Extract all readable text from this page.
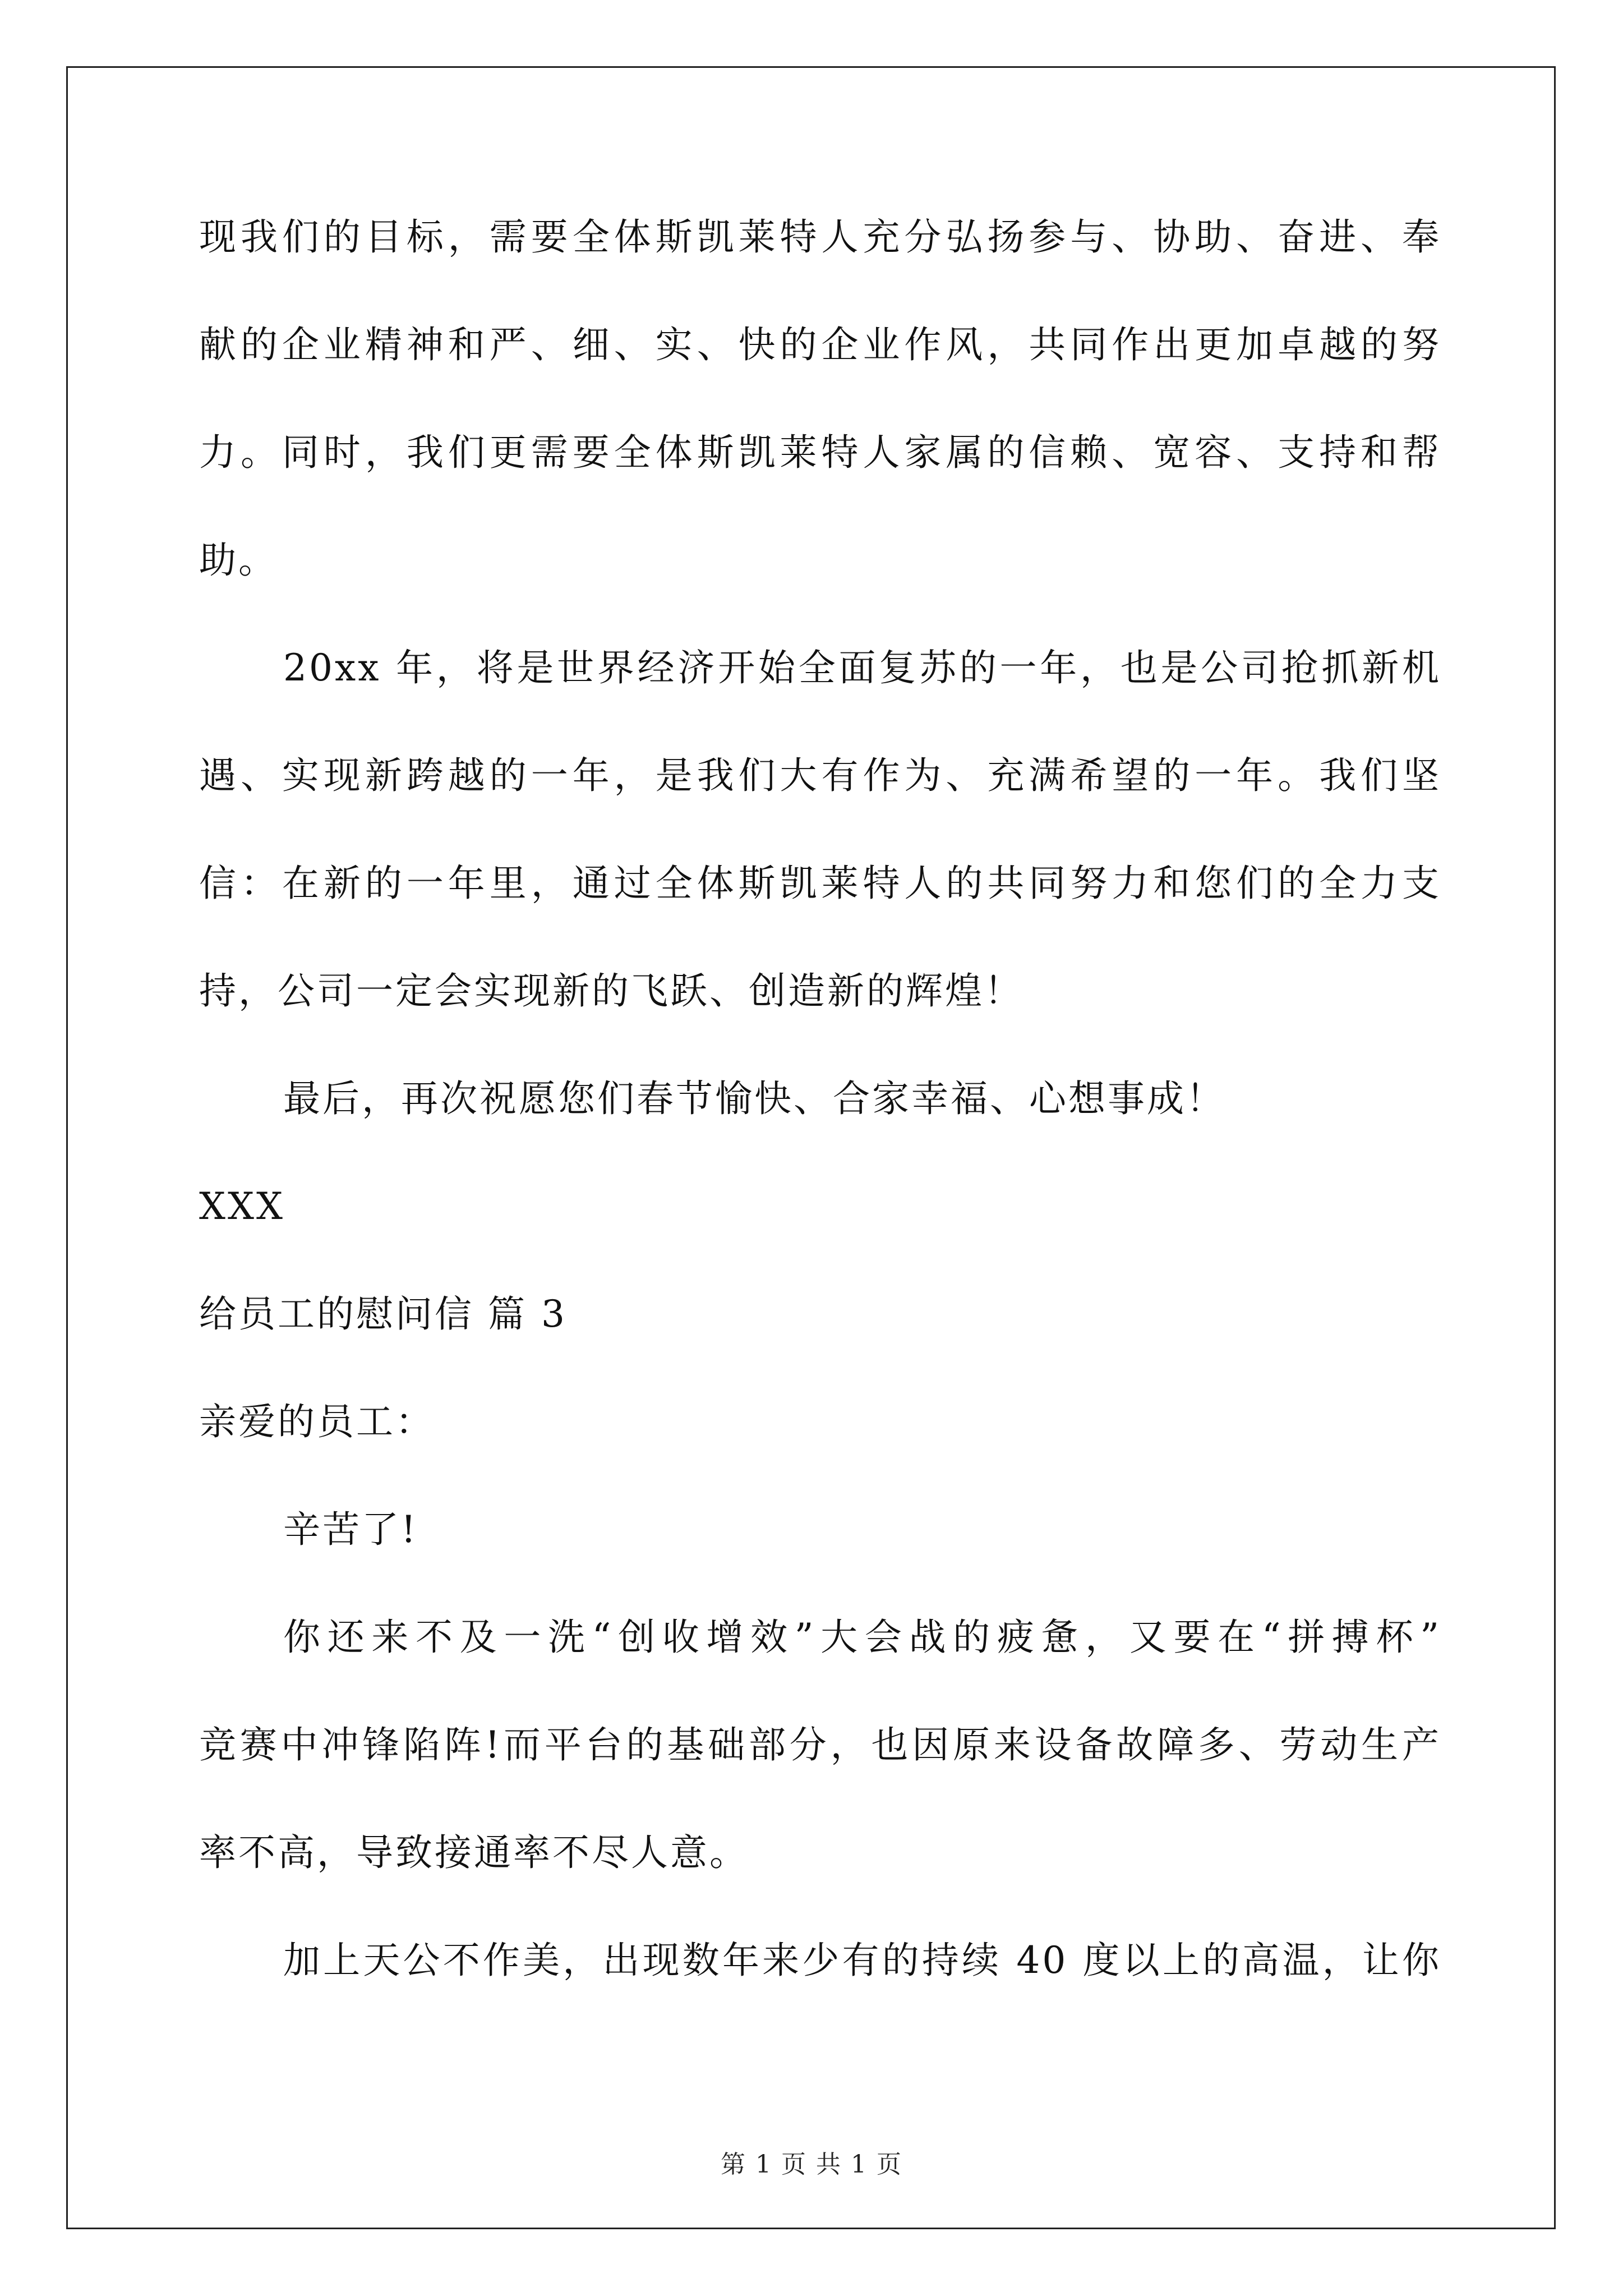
现我们的目标，需要全体斯凯莱特人充分弘扬参与、协助、奋进、奉
献的企业精神和严、细、实、快的企业作风，共同作出更加卓越的努
力。同时，我们更需要全体斯凯莱特人家属的信赖、宽容、支持和帮
助。
20xx 年，将是世界经济开始全面复苏的一年，也是公司抢抓新机
遇、实现新跨越的一年，是我们大有作为、充满希望的一年。我们坚
信：在新的一年里，通过全体斯凯莱特人的共同努力和您们的全力支
持，公司一定会实现新的飞跃、创造新的辉煌！
最后，再次祝愿您们春节愉快、合家幸福、心想事成！
XXX
给员工的慰问信 篇 3
亲爱的员工：
辛苦了!
你还来不及一洗“创收增效”大会战的疲惫，又要在“拼搏杯”
竞赛中冲锋陷阵!而平台的基础部分，也因原来设备故障多、劳动生产
率不高，导致接通率不尽人意。
加上天公不作美，出现数年来少有的持续 40 度以上的高温，让你
第 1 页 共 1 页
